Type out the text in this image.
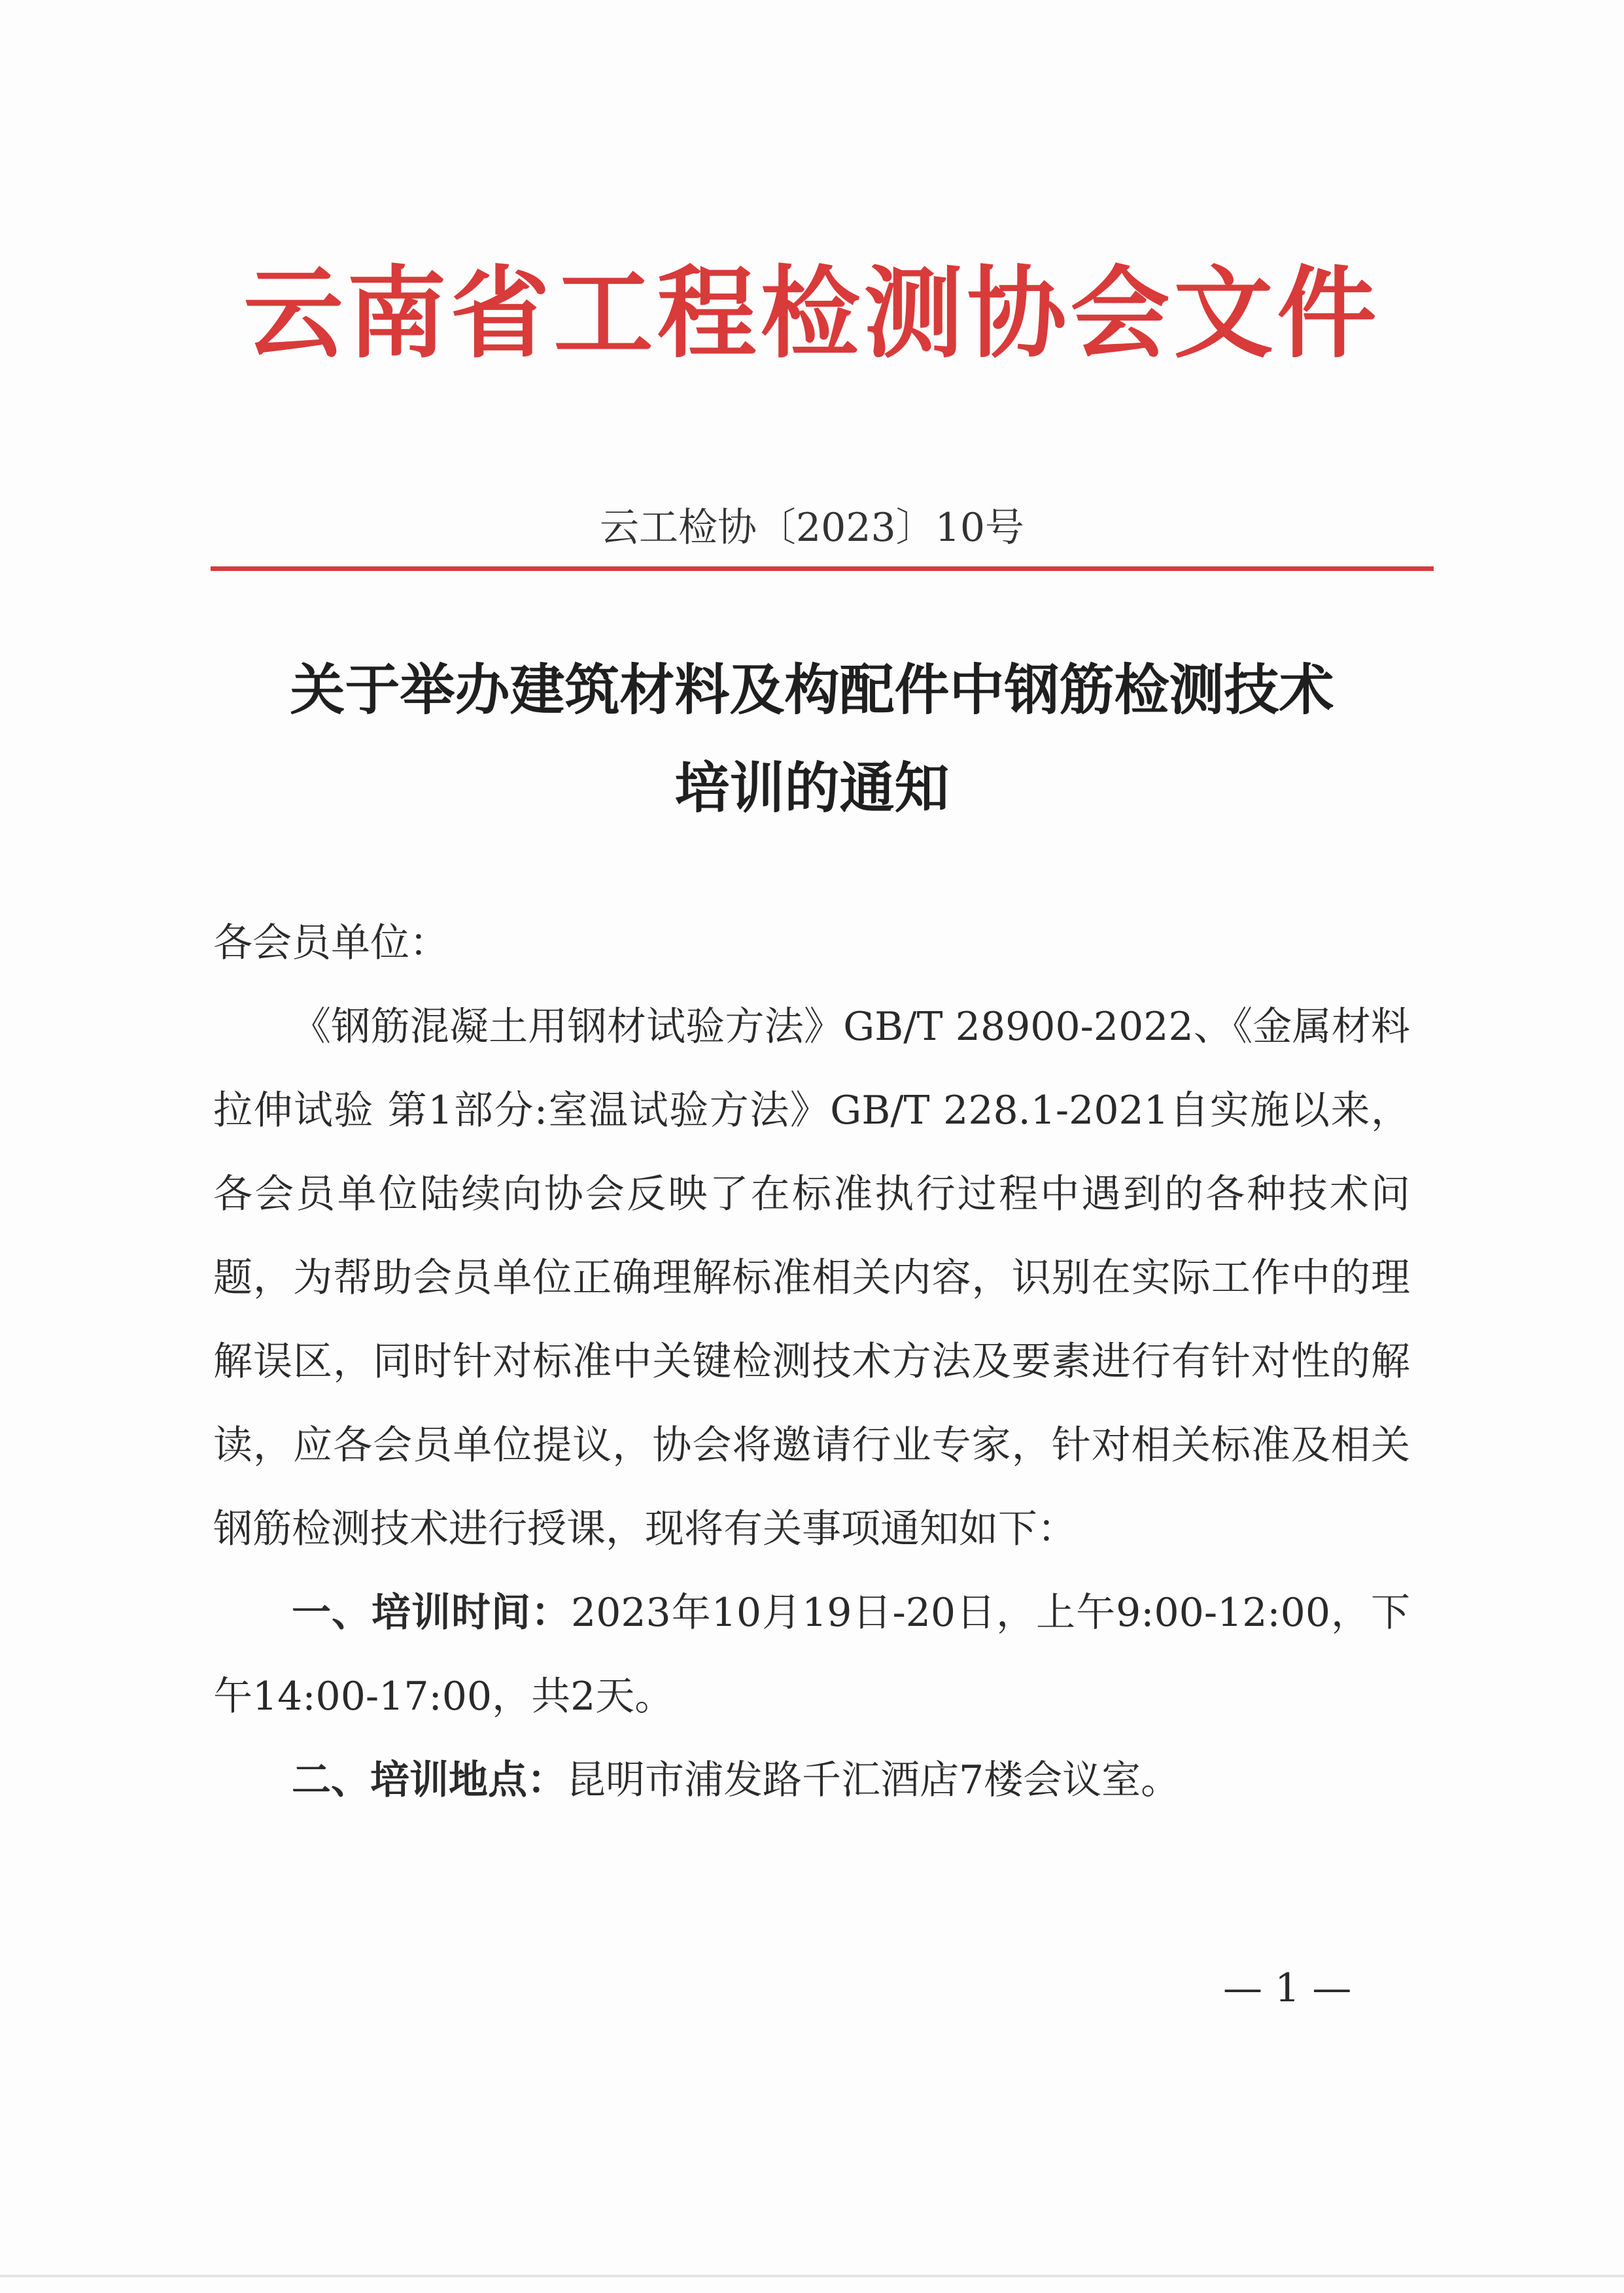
云南省工程检测协会文件
云工检协〔2023〕10号
关于举办建筑材料及构配件中钢筋检测技术
培训的通知

各会员单位：

《钢筋混凝土用钢材试验方法》GB/T 28900-2022、《金属材料 拉伸试验 第1部分:室温试验方法》GB/T 228.1-2021自实施以来，各会员单位陆续向协会反映了在标准执行过程中遇到的各种技术问题，为帮助会员单位正确理解标准相关内容，识别在实际工作中的理解误区，同时针对标准中关键检测技术方法及要素进行有针对性的解读，应各会员单位提议，协会将邀请行业专家，针对相关标准及相关钢筋检测技术进行授课，现将有关事项通知如下：

一、培训时间：2023年10月19日-20日，上午9:00-12:00，下午14:00-17:00，共2天。

二、培训地点：昆明市浦发路千汇酒店7楼会议室。

— 1 —
